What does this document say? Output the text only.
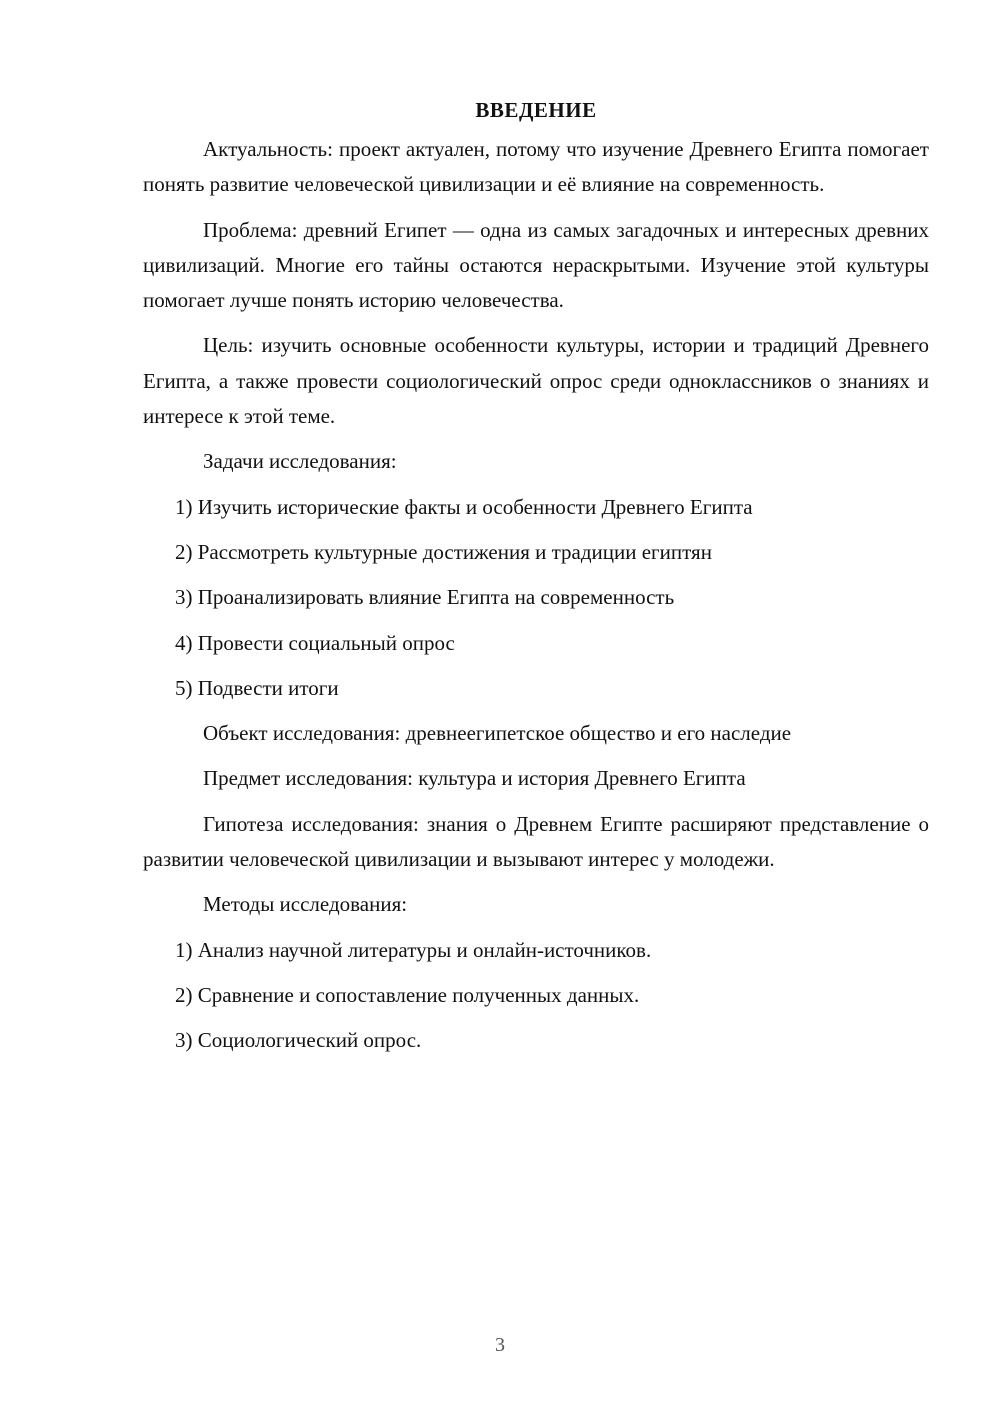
ВВЕДЕНИЕ

Актуальность: проект актуален, потому что изучение Древнего Египта помогает понять развитие человеческой цивилизации и её влияние на современность.

Проблема: древний Египет — одна из самых загадочных и интересных древних цивилизаций. Многие его тайны остаются нераскрытыми. Изучение этой культуры помогает лучше понять историю человечества.

Цель: изучить основные особенности культуры, истории и традиций Древнего Египта, а также провести социологический опрос среди одноклассников о знаниях и интересе к этой теме.

Задачи исследования:

1) Изучить исторические факты и особенности Древнего Египта

2) Рассмотреть культурные достижения и традиции египтян

3) Проанализировать влияние Египта на современность

4) Провести социальный опрос

5) Подвести итоги

Объект исследования: древнеегипетское общество и его наследие

Предмет исследования: культура и история Древнего Египта

Гипотеза исследования: знания о Древнем Египте расширяют представление о развитии человеческой цивилизации и вызывают интерес у молодежи.

Методы исследования:

1) Анализ научной литературы и онлайн-источников.

2) Сравнение и сопоставление полученных данных.

3) Социологический опрос.

3
